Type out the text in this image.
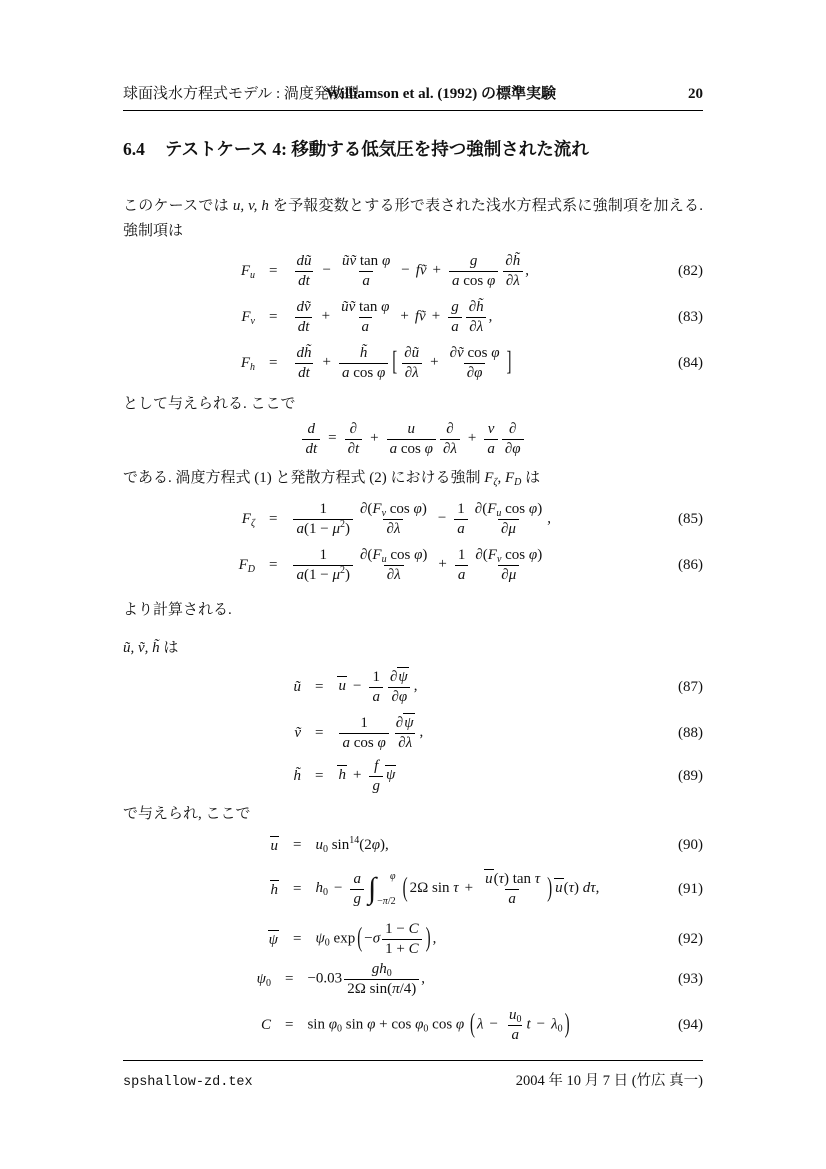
球面浅水方程式モデル : 渦度発散型
Williamson et al. (1992) の標準実験	20
6.4 テストケース 4: 移動する低気圧を持つ強制された流れ
このケースでは u, v, h を予報変数とする形で表された浅水方程式系に強制項を加える. 強制項は
$F_u = \frac{dũ}{dt} - \frac{\text{ũṽ tan φ}}{a}$ − fṽ + $\frac{g}{\text{a cos φ}} \frac{\partial h̃}{\partial\lambda}$ ,	(82)
$F_v = \frac{\text{dṽ}}{dt} + \frac{\text{ũṽ tan φ}}{a}$ + fṽ + $\frac{g}{a} \frac{\partial h̃}{\partial\lambda}$ ,	(83)
$F_h = \frac{dh̃}{dt} + \frac{h̃}{\text{a cos φ}}$ [ $\frac{\partial ũ}{\partial\lambda} + \frac{\text{∂ṽ cos φ}}{\partial\varphi}$ ]	(84)
として与えられる. ここで
$\frac{d}{dt}$ =
∂
∂t
+ $\frac{u}{\text{a cos φ}}$ ∂
∂λ
+ $\frac{v}{a}$ ∂
∂φ
である. 渦度方程式 (1) と発散方程式 (2) における強制 $F_\zeta$, $F_D$ は
$F_\zeta = \frac{1}{a(1 - \mu^2)} \frac{\partial(F_v \cos \varphi)}{\partial\lambda} - \frac{1}{a} \frac{\partial(F_u \cos \varphi)}{\partial\mu}$ ,	(85)
$F_D = \frac{1}{a(1 - \mu^2)} \frac{\partial(F_u \cos \varphi)}{\partial\lambda} + \frac{1}{a} \frac{\partial(F_v \cos \varphi)}{\partial\mu}$	(86)
より計算される.
ũ, ṽ, h̃ は
ũ = $u - \frac{1}{a} \frac{\partial\psi}{\partial\varphi}$ ,	(87)
ṽ = $\frac{1}{\text{a cos φ}} \frac{\partial\psi}{\partial\lambda}$ ,	(88)
h̃ = $h + \frac{f}{g}$ ψ	(89)
で与えられ, ここで
$u = u_0$ $\sin^{14}(2\varphi)$,	(90)
$h = h_0 - \frac{a}{g}$ ∫ φ
−π/2 ( 2Ω $\sin \tau + \frac{\text{u(τ) tan τ}}{a}$ ) u(τ) dτ,	(91)
$\psi = \psi_0$ exp ( $-\sigma \frac{1 - C}{1 + C}$ ) ,	(92)
$\psi_0 = -0.03 \frac{gh_0}{\text{2Ω sin(π/4)}}$ ,	(93)
$C = \sin \varphi_0$ $\sin \varphi + \cos \varphi_0$ cos φ ( $\lambda - \frac{u_0}{a}$ $t - \lambda_0$ )	(94)
spshallow-zd.tex	2004 年 10 月 7 日 (竹広 真一)
